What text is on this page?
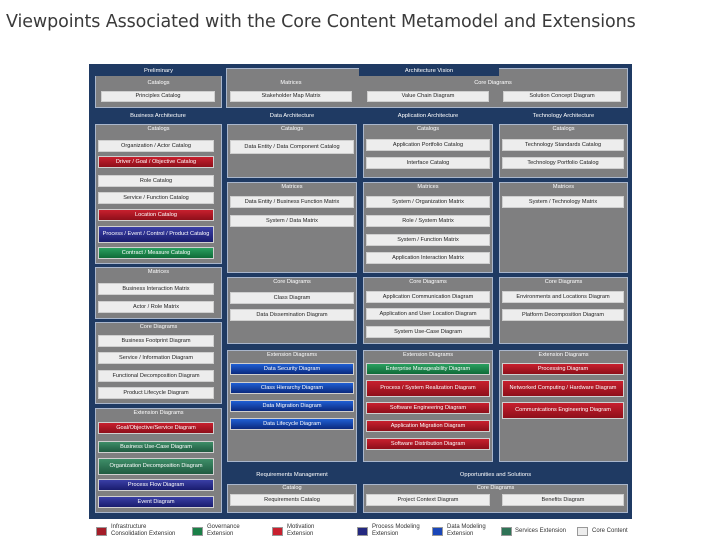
Viewpoints Associated with the Core Content Metamodel and Extensions
Preliminary
Catalogs
Principles Catalog
Architecture Vision
Matrices	Core Diagrams
Stakeholder Map Matrix	Value Chain Diagram	Solution Concept Diagram
Business Architecture	Data Architecture	Application Architecture	Technology Architecture
Catalogs
Organization / Actor Catalog
Driver / Goal / Objective Catalog
Role Catalog
Service / Function Catalog
Location Catalog
Process / Event / Control / Product Catalog
Contract / Measure Catalog
Matrices
Business Interaction Matrix
Actor / Role Matrix
Core Diagrams
Business Footprint Diagram
Service / Information Diagram
Functional Decomposition Diagram
Product Lifecycle Diagram
Extension Diagrams
Goal/Objective/Service Diagram
Business Use-Case Diagram
Organization Decomposition Diagram
Process Flow Diagram
Event Diagram
Catalogs
Data Entity / Data Component Catalog
Matrices
Data Entity / Business Function Matrix
System / Data Matrix
Core Diagrams
Class Diagram
Data Dissemination Diagram
Extension Diagrams
Data Security Diagram
Class Hierarchy Diagram
Data Migration Diagram
Data Lifecycle Diagram
Catalogs
Application Portfolio Catalog
Interface Catalog
Matrices
System / Organization Matrix
Role / System Matrix
System / Function Matrix
Application Interaction Matrix
Core Diagrams
Application Communication Diagram
Application and User Location Diagram
System Use-Case Diagram
Extension Diagrams
Enterprise Manageability Diagram
Process / System Realization Diagram
Software Engineering Diagram
Application Migration Diagram
Software Distribution Diagram
Catalogs
Technology Standards Catalog
Technology Portfolio Catalog
Matrices
System / Technology Matrix
Core Diagrams
Environments and Locations Diagram
Platform Decomposition Diagram
Extension Diagrams
Processing Diagram
Networked Computing / Hardware Diagram
Communications Engineering Diagram
Requirements Management	Opportunities and Solutions
Catalog
Requirements Catalog
Core Diagrams
Project Context Diagram	Benefits Diagram
Infrastructure
Consolidation Extension
Governance
Extension
Motivation
Extension
Process Modeling
Extension
Data Modeling
Extension	Services Extension	Core Content
